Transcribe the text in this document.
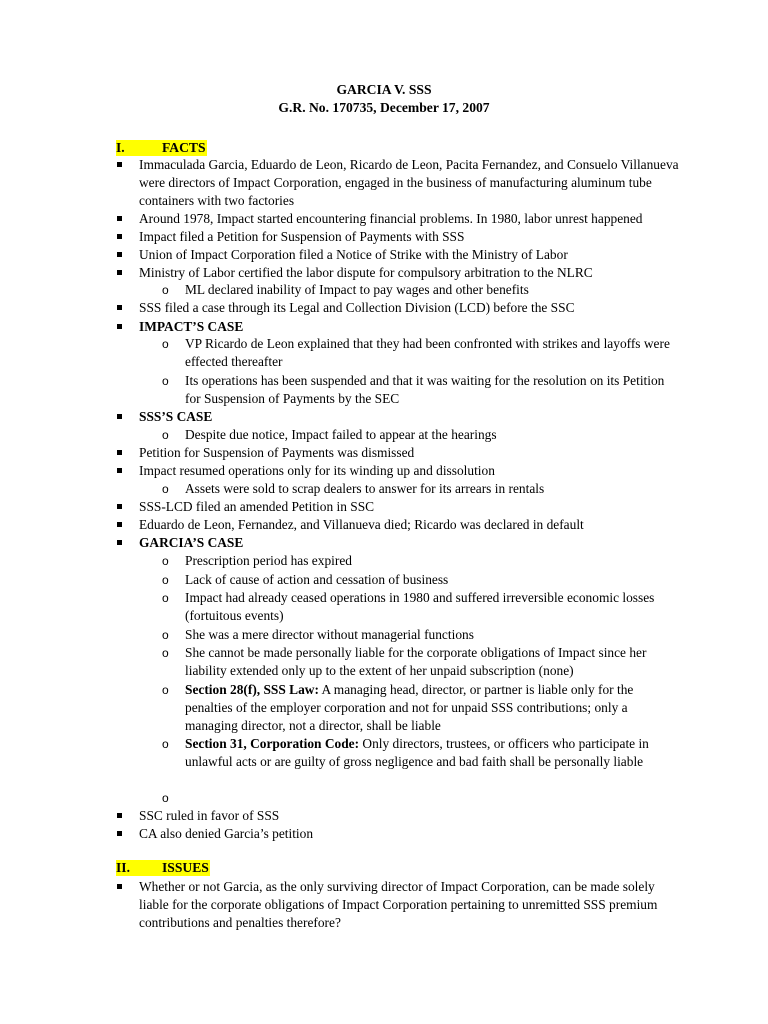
GARCIA V. SSS
G.R. No. 170735, December 17, 2007
I.	FACTS
Immaculada Garcia, Eduardo de Leon, Ricardo de Leon, Pacita Fernandez, and Consuelo Villanueva were directors of Impact Corporation, engaged in the business of manufacturing aluminum tube containers with two factories
Around 1978, Impact started encountering financial problems. In 1980, labor unrest happened
Impact filed a Petition for Suspension of Payments with SSS
Union of Impact Corporation filed a Notice of Strike with the Ministry of Labor
Ministry of Labor certified the labor dispute for compulsory arbitration to the NLRC
o ML declared inability of Impact to pay wages and other benefits
SSS filed a case through its Legal and Collection Division (LCD) before the SSC
IMPACT’S CASE
o VP Ricardo de Leon explained that they had been confronted with strikes and layoffs were effected thereafter
o Its operations has been suspended and that it was waiting for the resolution on its Petition for Suspension of Payments by the SEC
SSS’S CASE
o Despite due notice, Impact failed to appear at the hearings
Petition for Suspension of Payments was dismissed
Impact resumed operations only for its winding up and dissolution
o Assets were sold to scrap dealers to answer for its arrears in rentals
SSS-LCD filed an amended Petition in SSC
Eduardo de Leon, Fernandez, and Villanueva died; Ricardo was declared in default
GARCIA’S CASE
o Prescription period has expired
o Lack of cause of action and cessation of business
o Impact had already ceased operations in 1980 and suffered irreversible economic losses (fortuitous events)
o She was a mere director without managerial functions
o She cannot be made personally liable for the corporate obligations of Impact since her liability extended only up to the extent of her unpaid subscription (none)
o Section 28(f), SSS Law: A managing head, director, or partner is liable only for the penalties of the employer corporation and not for unpaid SSS contributions; only a managing director, not a director, shall be liable
o Section 31, Corporation Code: Only directors, trustees, or officers who participate in unlawful acts or are guilty of gross negligence and bad faith shall be personally liable
o
SSC ruled in favor of SSS
CA also denied Garcia’s petition
II.	ISSUES
Whether or not Garcia, as the only surviving director of Impact Corporation, can be made solely liable for the corporate obligations of Impact Corporation pertaining to unremitted SSS premium contributions and penalties therefore?
